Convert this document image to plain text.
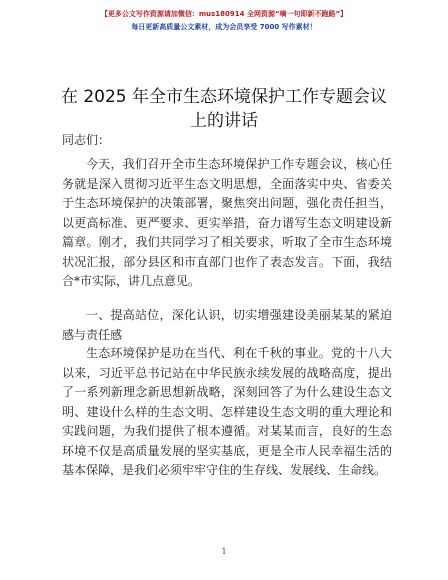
【更多公文写作资源请加微信：mus180914 全网资源“嘀一句即新不跑路”】
每日更新高质量公文素材，成为会员享受 7000 写作素材！
在 2025 年全市生态环境保护工作专题会议上的讲话
同志们：

今天，我们召开全市生态环境保护工作专题会议，核心任务就是深入贯彻习近平生态文明思想，全面落实中央、省委关于生态环境保护的决策部署，聚焦突出问题，强化责任担当，以更高标准、更严要求、更实举措，奋力谱写生态文明建设新篇章。刚才，我们共同学习了相关要求，听取了全市生态环境状况汇报，部分县区和市直部门也作了表态发言。下面，我结合*市实际，讲几点意见。

一、提高站位，深化认识，切实增强建设美丽某某的紧迫感与责任感

生态环境保护是功在当代、利在千秋的事业。党的十八大以来，习近平总书记站在中华民族永续发展的战略高度，提出了一系列新理念新思想新战略，深刻回答了为什么建设生态文明、建设什么样的生态文明、怎样建设生态文明的重大理论和实践问题，为我们提供了根本遵循。对某某而言，良好的生态环境不仅是高质量发展的坚实基底，更是全市人民幸福生活的基本保障，是我们必须牢牢守住的生存线、发展线、生命线。

1
